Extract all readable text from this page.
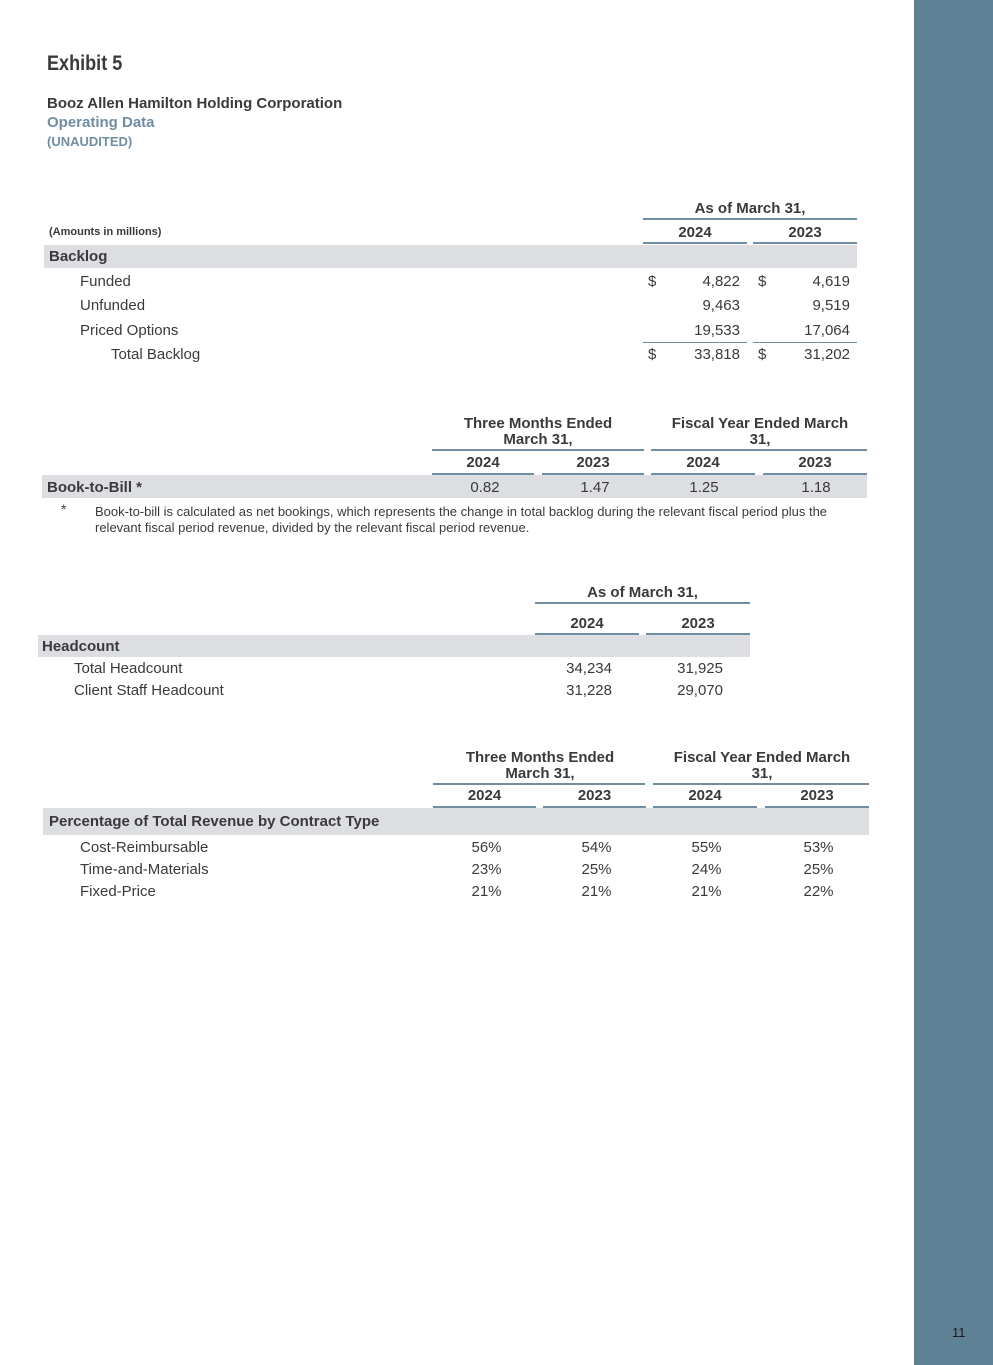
11
Exhibit 5
Booz Allen Hamilton Holding Corporation
Operating Data
(UNAUDITED)
As of March 31,
(Amounts in millions)	2024	2023
Backlog
Funded	$	4,822 $	4,619
Unfunded	9,463	9,519
Priced Options	19,533	17,064
Total Backlog	$	33,818 $	31,202
Three Months Ended March 31,
Fiscal Year Ended March 31,
2024	2023	2024	2023
Book-to-Bill *	0.82	1.47	1.25	1.18
* Book-to-bill is calculated as net bookings, which represents the change in total backlog during the relevant fiscal period plus the relevant fiscal period revenue, divided by the relevant fiscal period revenue.
As of March 31,
2024	2023
Headcount
Total Headcount	34,234	31,925
Client Staff Headcount	31,228	29,070
Three Months Ended March 31,
Fiscal Year Ended March 31,
2024	2023	2024	2023
Percentage of Total Revenue by Contract Type
Cost-Reimbursable	56%	54%	55%	53%
Time-and-Materials	23%	25%	24%	25%
Fixed-Price	21%	21%	21%	22%
